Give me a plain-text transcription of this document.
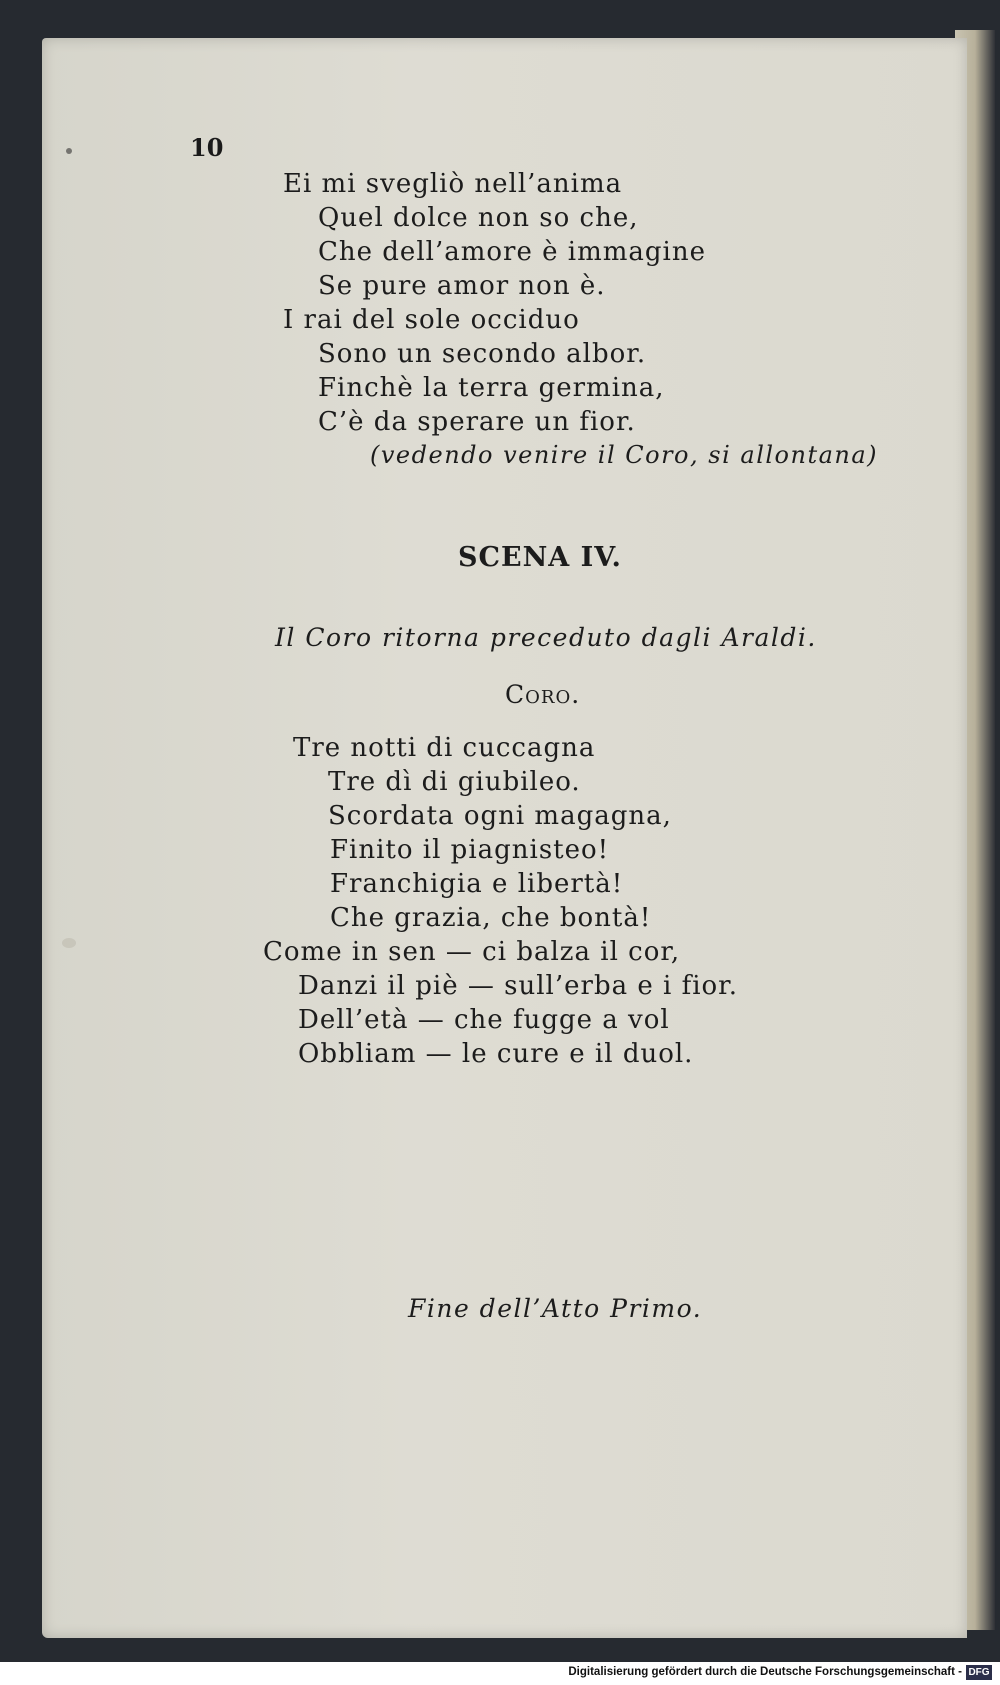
10
Ei mi svegliò nell’anima
Quel dolce non so che,
Che dell’amore è immagine
Se pure amor non è.
I rai del sole occiduo
Sono un secondo albor.
Finchè la terra germina,
C’è da sperare un fior.
(vedendo venire il Coro, si allontana)
SCENA IV.
Il Coro ritorna preceduto dagli Araldi.
Coro.
Tre notti di cuccagna
Tre dì di giubileo.
Scordata ogni magagna,
Finito il piagnisteo!
Franchigia e libertà!
Che grazia, che bontà!
Come in sen — ci balza il cor,
Danzi il piè — sull’erba e i fior.
Dell’età — che fugge a vol
Obbliam — le cure e il duol.
Fine dell’Atto Primo.
Digitalisierung gefördert durch die Deutsche Forschungsgemeinschaft - DFG
